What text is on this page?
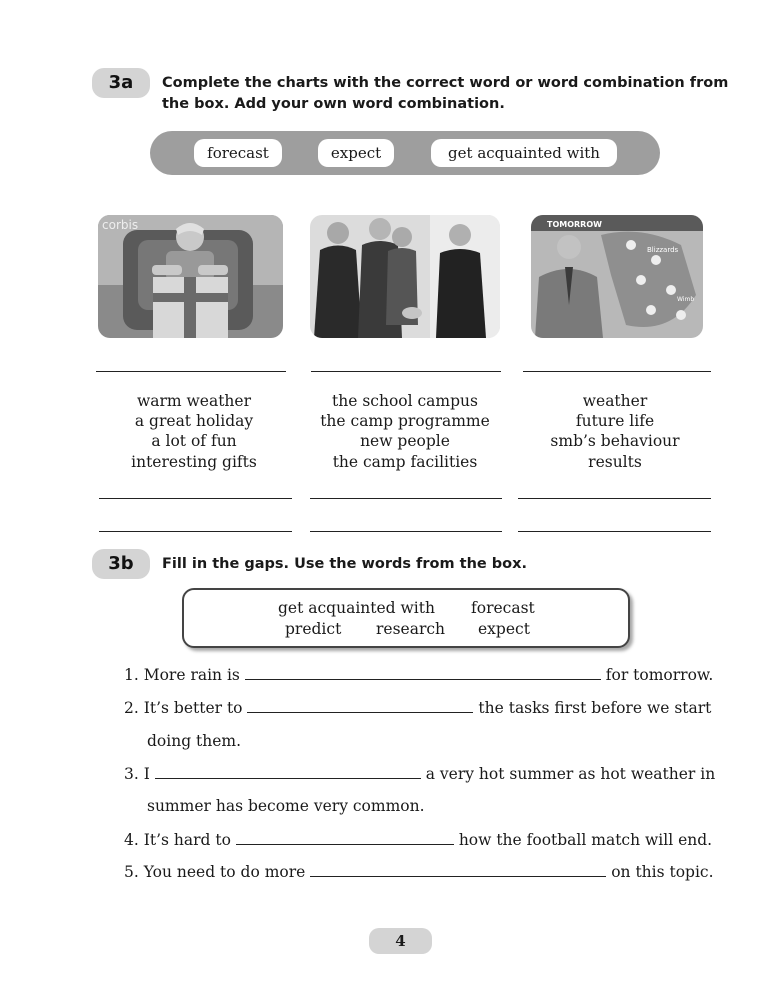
3a	Complete the charts with the correct word or word combination from
the box. Add your own word combination.
forecast	expect	get acquainted with
corbis	TOMORROW
Blizzards
Wimb
warm weather
a great holiday
a lot of fun
interesting gifts
the school campus
the camp programme
new people
the camp facilities
weather
future life
smb’s behaviour
results
3b	Fill in the gaps. Use the words from the box.
get acquainted with forecast
predict research expect
1. More rain is	for tomorrow.
2. It’s better to	the tasks first before we start
doing them.
3. I	a very hot summer as hot weather in
summer has become very common.
4. It’s hard to	how the football match will end.
5. You need to do more	on this topic.
4
